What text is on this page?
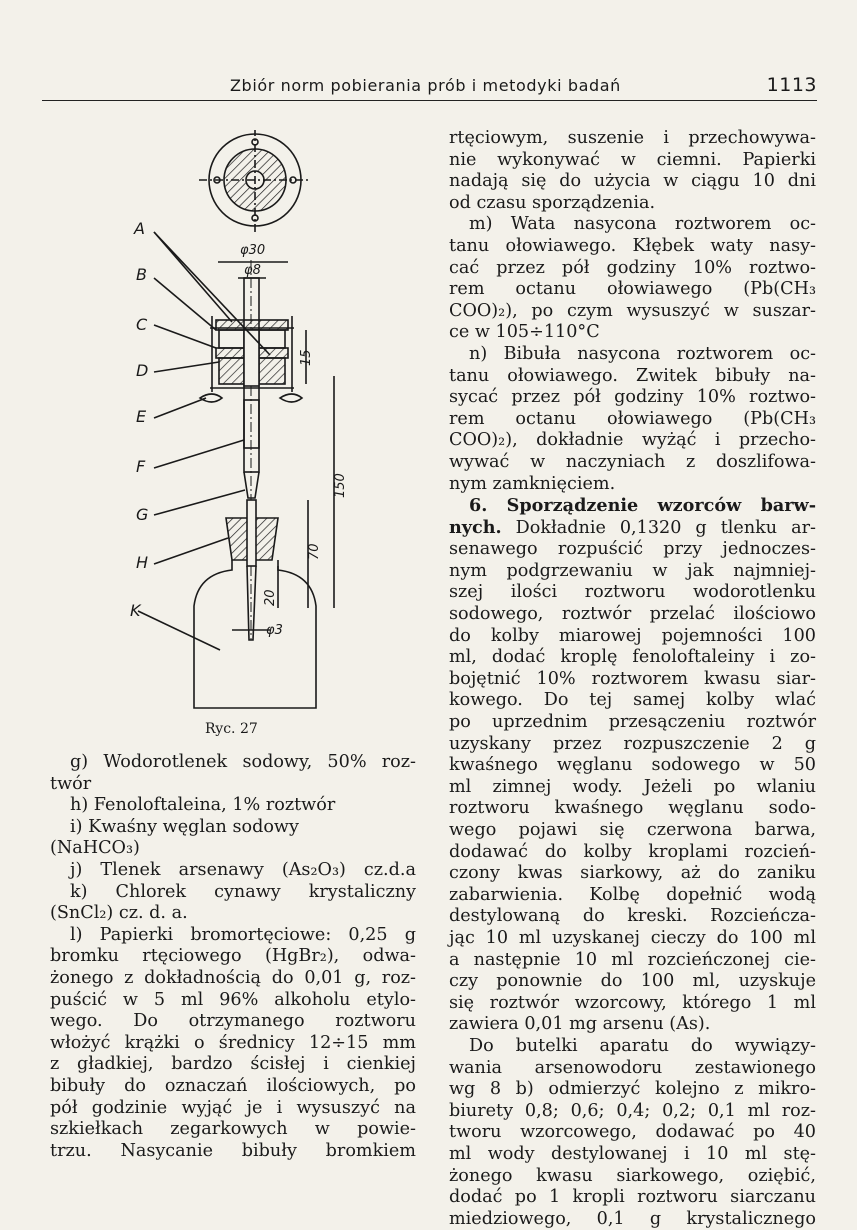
Zbiór norm pobierania prób i metodyki badań	1113
A
B
C
D
E
F
G
H
K
φ30
φ8
φ3
15
150
70
20
Ryc. 27
g) Wodorotlenek sodowy, 50% roz-
twór
h) Fenoloftaleina, 1% roztwór
i) Kwaśny węglan sodowy
(NaHCO₃)
j) Tlenek arsenawy (As₂O₃) cz.d.a
k) Chlorek cynawy krystaliczny
(SnCl₂) cz. d. a.
l) Papierki bromortęciowe: 0,25 g
bromku rtęciowego (HgBr₂), odwa-
żonego z dokładnością do 0,01 g, roz-
puścić w 5 ml 96% alkoholu etylo-
wego. Do otrzymanego roztworu
włożyć krążki o średnicy 12÷15 mm
z gładkiej, bardzo ścisłej i cienkiej
bibuły do oznaczań ilościowych, po
pół godzinie wyjąć je i wysuszyć na
szkiełkach zegarkowych w powie-
trzu. Nasycanie bibuły bromkiem
rtęciowym, suszenie i przechowywa-
nie wykonywać w ciemni. Papierki
nadają się do użycia w ciągu 10 dni
od czasu sporządzenia.
m) Wata nasycona roztworem oc-
tanu ołowiawego. Kłębek waty nasy-
cać przez pół godziny 10% roztwo-
rem octanu ołowiawego (Pb(CH₃
COO)₂), po czym wysuszyć w suszar-
ce w 105÷110°C
n) Bibuła nasycona roztworem oc-
tanu ołowiawego. Zwitek bibuły na-
sycać przez pół godziny 10% roztwo-
rem octanu ołowiawego (Pb(CH₃
COO)₂), dokładnie wyżąć i przecho-
wywać w naczyniach z doszlifowa-
nym zamknięciem.
6. Sporządzenie wzorców barw-
nych. Dokładnie 0,1320 g tlenku ar-
senawego rozpuścić przy jednoczes-
nym podgrzewaniu w jak najmniej-
szej ilości roztworu wodorotlenku
sodowego, roztwór przelać ilościowo
do kolby miarowej pojemności 100
ml, dodać kroplę fenoloftaleiny i zo-
bojętnić 10% roztworem kwasu siar-
kowego. Do tej samej kolby wlać
po uprzednim przesączeniu roztwór
uzyskany przez rozpuszczenie 2 g
kwaśnego węglanu sodowego w 50
ml zimnej wody. Jeżeli po wlaniu
roztworu kwaśnego węglanu sodo-
wego pojawi się czerwona barwa,
dodawać do kolby kroplami rozcień-
czony kwas siarkowy, aż do zaniku
zabarwienia. Kolbę dopełnić wodą
destylowaną do kreski. Rozcieńcza-
jąc 10 ml uzyskanej cieczy do 100 ml
a następnie 10 ml rozcieńczonej cie-
czy ponownie do 100 ml, uzyskuje
się roztwór wzorcowy, którego 1 ml
zawiera 0,01 mg arsenu (As).
Do butelki aparatu do wywiązy-
wania arsenowodoru zestawionego
wg 8 b) odmierzyć kolejno z mikro-
biurety 0,8; 0,6; 0,4; 0,2; 0,1 ml roz-
tworu wzorcowego, dodawać po 40
ml wody destylowanej i 10 ml stę-
żonego kwasu siarkowego, oziębić,
dodać po 1 kropli roztworu siarczanu
miedziowego, 0,1 g krystalicznego
